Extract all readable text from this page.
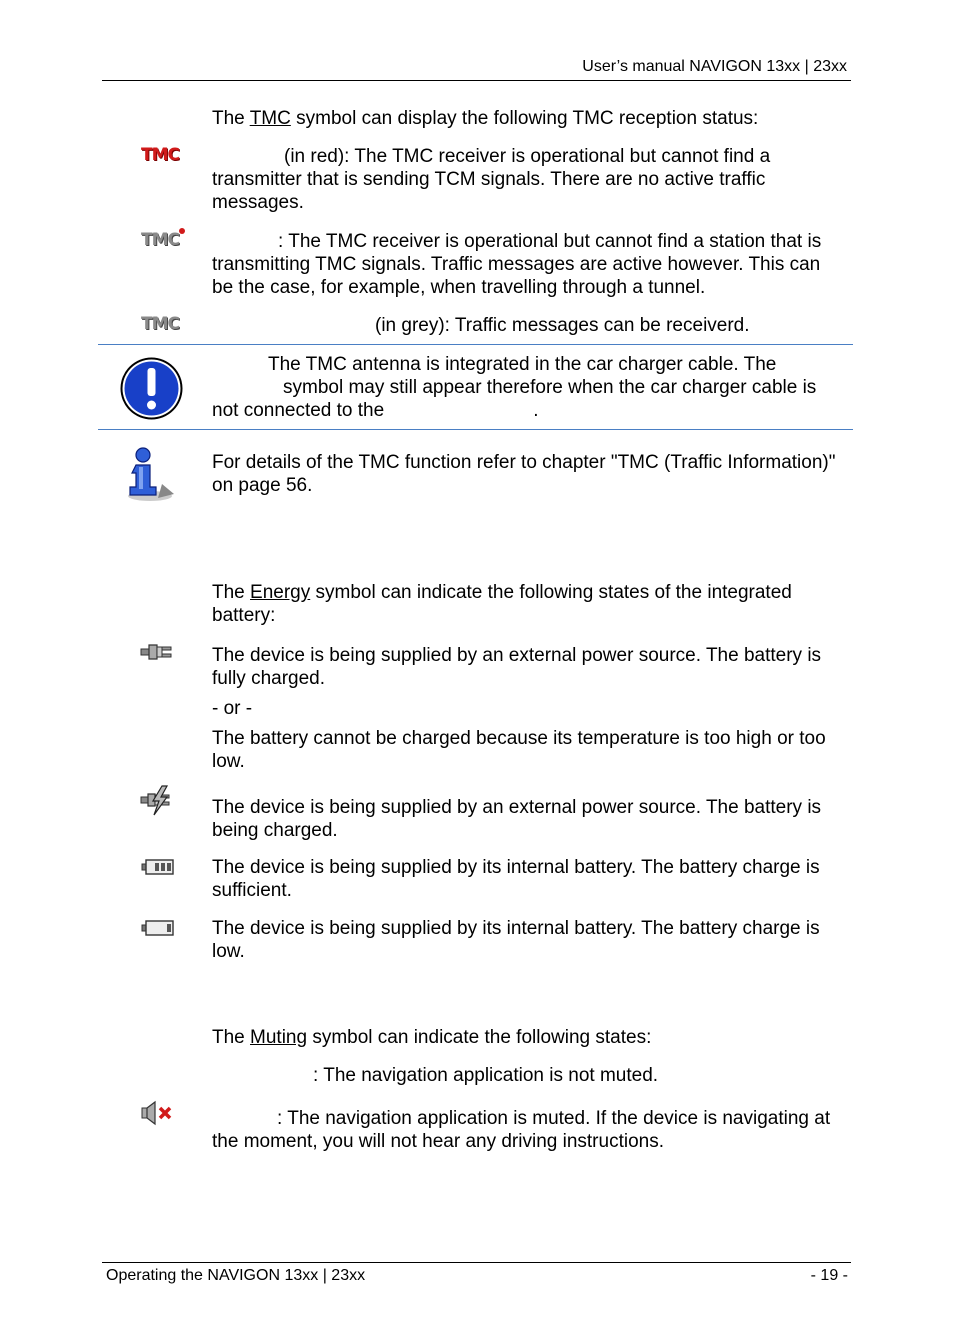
User’s manual NAVIGON 13xx | 23xx

The TMC symbol can display the following TMC reception status:

TMC	(in red): The TMC receiver is operational but cannot find a transmitter that is sending TCM signals. There are no active traffic messages.

TMC	: The TMC receiver is operational but cannot find a station that is transmitting TMC signals. Traffic messages are active however. This can be the case, for example, when travelling through a tunnel.

TMC	(in grey): Traffic messages can be receiverd.

The TMC antenna is integrated in the car charger cable. The
symbol may still appear therefore when the car charger cable is
not connected to the	.

For details of the TMC function refer to chapter "TMC (Traffic Information)" on page 56.

The Energy symbol can indicate the following states of the integrated battery:

The device is being supplied by an external power source. The battery is fully charged.

- or -

The battery cannot be charged because its temperature is too high or too low.

The device is being supplied by an external power source. The battery is being charged.

The device is being supplied by its internal battery. The battery charge is sufficient.

The device is being supplied by its internal battery. The battery charge is low.

The Muting symbol can indicate the following states:

: The navigation application is not muted.

: The navigation application is muted. If the device is navigating at the moment, you will not hear any driving instructions.

Operating the NAVIGON 13xx | 23xx	- 19 -
